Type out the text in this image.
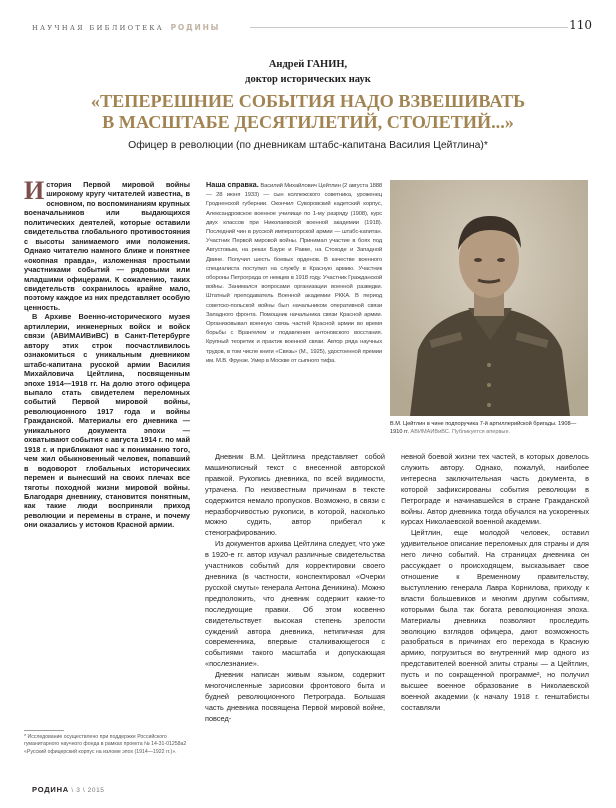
НАУЧНАЯ БИБЛИОТЕКА РОДИНЫ	110
Андрей ГАНИН,
доктор исторических наук
«ТЕПЕРЕШНИЕ СОБЫТИЯ НАДО ВЗВЕШИВАТЬ
В МАСШТАБЕ ДЕСЯТИЛЕТИЙ, СТОЛЕТИЙ...»
Офицер в революции (по дневникам штабс-капитана Василия Цейтлина)*

История Первой мировой войны широкому кругу читателей известна, в основном, по воспоминаниям крупных военачальников или выдающихся политических деятелей, которые оставили свидетельства глобального противостояния с высоты занимаемого ими положения. Однако читателю намного ближе и понятнее «окопная правда», изложенная простыми участниками событий — рядовыми или младшими офицерами. К сожалению, таких свидетельств сохранилось крайне мало, поэтому каждое из них представляет особую ценность.

В Архиве Военно-исторического музея артиллерии, инженерных войск и войск связи (АВИМАИВиВС) в Санкт-Петербурге автору этих строк посчастливилось ознакомиться с уникальным дневником штабс-капитана русской армии Василия Михайловича Цейтлина, посвященным эпохе 1914—1918 гг. На долю этого офицера выпало стать свидетелем переломных событий Первой мировой войны, революционного 1917 года и войны Гражданской. Материалы его дневника — уникального документа эпохи — охватывают события с августа 1914 г. по май 1918 г. и приближают нас к пониманию того, чем жил обыкновенный человек, попавший в водоворот глобальных исторических перемен и вынесший на своих плечах все тяготы походной жизни мировой войны. Благодаря дневнику, становится понятным, как такие люди восприняли приход революции и перемены в стране, и почему они оказались у истоков Красной армии.

* Исследование осуществлено при поддержке Российского гуманитарного научного фонда в рамках проекта № 14-31-01258а2 «Русский офицерский корпус на изломе эпох (1914—1922 гг.)».
Наша справка. Василий Михайлович Цейтлин (2 августа 1888 — 28 июня 1933) — сын коллежского советника, уроженец Гродненской губернии. Окончил Суворовский кадетский корпус, Александровское военное училище по 1-му разряду (1908), курс двух классов при Николаевской военной академии (1918). Последний чин в русской императорской армии — штабс-капитан. Участник Первой мировой войны. Принимал участие в боях под Августовым, на реках Бзуре и Равке, на Стоходе и Западной Двине. Получил шесть боевых орденов. В качестве военного специалиста поступил на службу в Красную армию. Участник обороны Петрограда от немцев в 1918 году. Участник Гражданской войны. Занимался вопросами организации военной разведки. Штатный преподаватель Военной академии РККА. В период советско-польской войны был начальником оперативной связи Западного фронта. Помощник начальника связи Красной армии. Организовывал военную связь частей Красной армии во время борьбы с Врангелем и подавления антоновского восстания. Крупный теоретик и практик военной связи. Автор ряда научных трудов, в том числе книги «Связь» (М., 1925), удостоенной премии им. М.В. Фрунзе. Умер в Москве от сыпного тифа.
В.М. Цейтлин в чине подпоручика 7-й артиллерийской бригады. 1908—1910 гг. АВИМАИВиВС. Публикуется впервые.

Дневник В.М. Цейтлина представляет собой машинописный текст с внесенной авторской правкой. Рукопись дневника, по всей видимости, утрачена. По неизвестным причинам в тексте содержится немало пропусков. Возможно, в связи с неразборчивостью рукописи, в которой, насколько можно судить, автор прибегал к стенографированию.

Из документов архива Цейтлина следует, что уже в 1920-е гг. автор изучал различные свидетельства участников событий для корректировки своего дневника (в частности, конспектировал «Очерки русской смуты» генерала Антона Деникина). Можно предположить, что дневник содержит какие-то последующие правки. Об этом косвенно свидетельствует высокая степень зрелости суждений автора дневника, нетипичная для современника, впервые сталкивающегося с событиями такого масштаба и допускающая «послезнание».

Дневник написан живым языком, содержит многочисленные зарисовки фронтового быта и будней революционного Петрограда. Большая часть дневника посвящена Первой мировой войне, повсед-

невной боевой жизни тех частей, в которых довелось служить автору. Однако, пожалуй, наиболее интересна заключительная часть документа, в которой зафиксированы события революции в Петрограде и начинавшейся в стране Гражданской войны. Автор дневника тогда обучался на ускоренных курсах Николаевской военной академии.

Цейтлин, еще молодой человек, оставил удивительное описание переломных для страны и для него лично событий. На страницах дневника он рассуждает о происходящем, высказывает свое отношение к Временному правительству, выступлению генерала Лавра Корнилова, приходу к власти большевиков и многим другим событиям, которыми была так богата революционная эпоха. Материалы дневника позволяют проследить эволюцию взглядов офицера, дают возможность разобраться в причинах его перехода в Красную армию, погрузиться во внутренний мир одного из представителей военной элиты страны — а Цейтлин, пусть и по сокращенной программе², но получил высшее военное образование в Николаевской военной академии (к началу 1918 г. генштабисты составляли

РОДИНА \ 3 \ 2015
